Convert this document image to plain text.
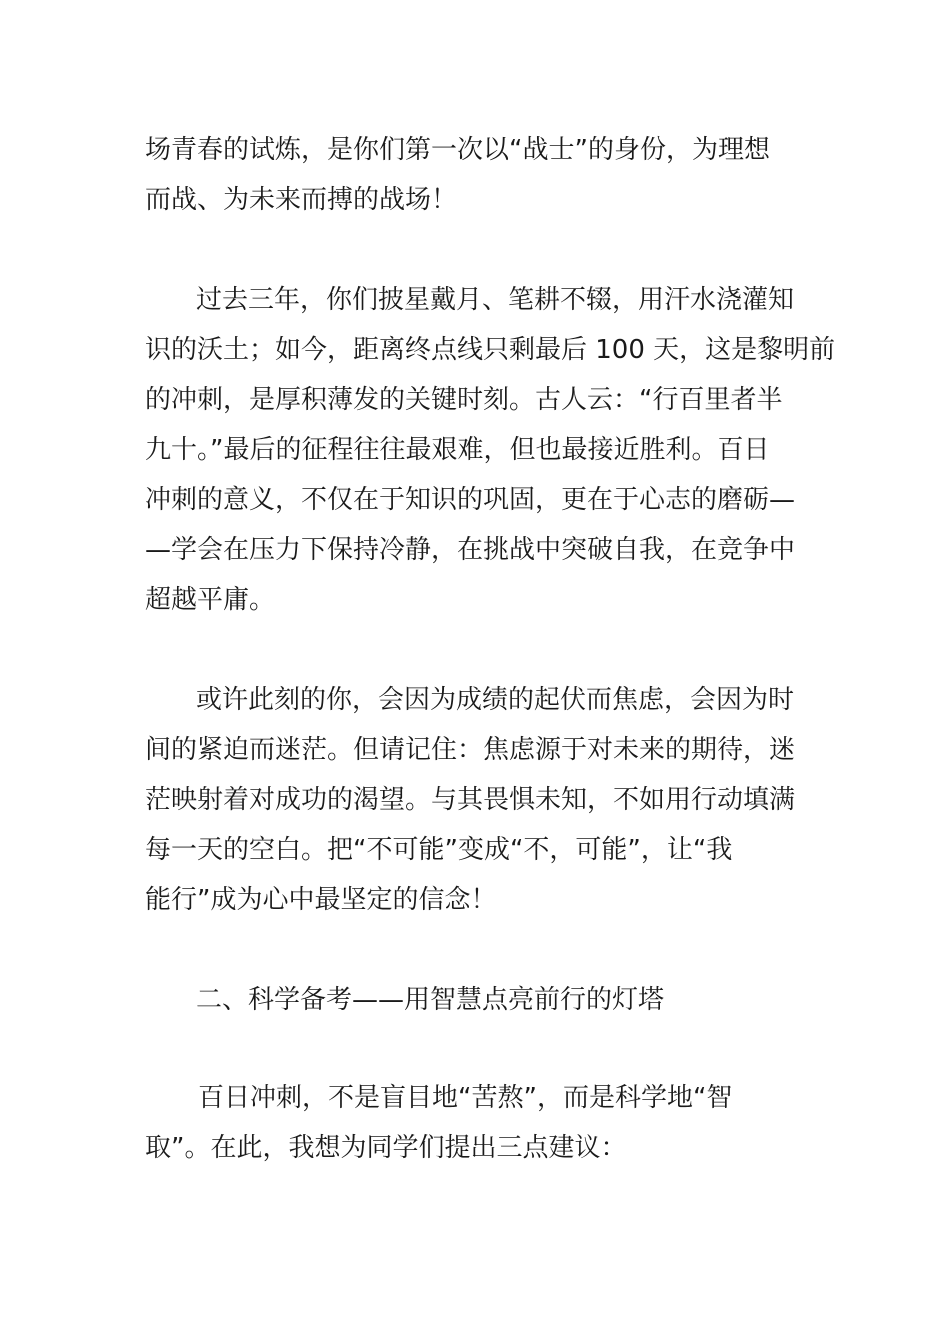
场青春的试炼，是你们第一次以“战士”的身份，为理想

而战、为未来而搏的战场！

过去三年，你们披星戴月、笔耕不辍，用汗水浇灌知

识的沃土；如今，距离终点线只剩最后 100 天，这是黎明前

的冲刺，是厚积薄发的关键时刻。古人云：“行百里者半

九十。”最后的征程往往最艰难，但也最接近胜利。百日

冲刺的意义，不仅在于知识的巩固，更在于心志的磨砺—

—学会在压力下保持冷静，在挑战中突破自我，在竞争中

超越平庸。

或许此刻的你，会因为成绩的起伏而焦虑，会因为时

间的紧迫而迷茫。但请记住：焦虑源于对未来的期待，迷

茫映射着对成功的渴望。与其畏惧未知，不如用行动填满

每一天的空白。把“不可能”变成“不，可能”，让“我

能行”成为心中最坚定的信念！

二、科学备考——用智慧点亮前行的灯塔

百日冲刺，不是盲目地“苦熬”，而是科学地“智

取”。在此，我想为同学们提出三点建议：
